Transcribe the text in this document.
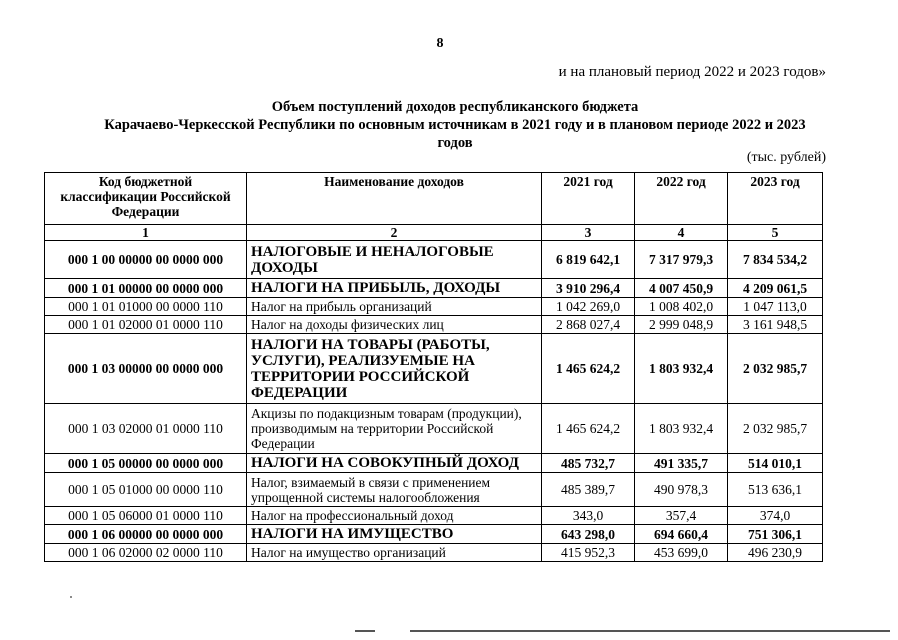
8
и на плановый период 2022 и 2023 годов»
Объем поступлений доходов республиканского бюджета
Карачаево-Черкесской Республики по основным источникам в 2021 году и в плановом периоде 2022 и 2023
годов
(тыс. рублей)
Код бюджетной классификации Российской Федерации	Наименование доходов	2021 год	2022 год	2023 год
1	2	3	4	5
000 1 00 00000 00 0000 000	НАЛОГОВЫЕ И НЕНАЛОГОВЫЕ ДОХОДЫ	6 819 642,1	7 317 979,3	7 834 534,2
000 1 01 00000 00 0000 000	НАЛОГИ НА ПРИБЫЛЬ, ДОХОДЫ	3 910 296,4	4 007 450,9	4 209 061,5
000 1 01 01000 00 0000 110	Налог на прибыль организаций	1 042 269,0	1 008 402,0	1 047 113,0
000 1 01 02000 01 0000 110	Налог на доходы физических лиц	2 868 027,4	2 999 048,9	3 161 948,5
000 1 03 00000 00 0000 000	НАЛОГИ НА ТОВАРЫ (РАБОТЫ, УСЛУГИ), РЕАЛИЗУЕМЫЕ НА ТЕРРИТОРИИ РОССИЙСКОЙ ФЕДЕРАЦИИ	1 465 624,2	1 803 932,4	2 032 985,7
000 1 03 02000 01 0000 110	Акцизы по подакцизным товарам (продукции), производимым на территории Российской Федерации	1 465 624,2	1 803 932,4	2 032 985,7
000 1 05 00000 00 0000 000	НАЛОГИ НА СОВОКУПНЫЙ ДОХОД	485 732,7	491 335,7	514 010,1
000 1 05 01000 00 0000 110	Налог, взимаемый в связи с применением упрощенной системы налогообложения	485 389,7	490 978,3	513 636,1
000 1 05 06000 01 0000 110	Налог на профессиональный доход	343,0	357,4	374,0
000 1 06 00000 00 0000 000	НАЛОГИ НА ИМУЩЕСТВО	643 298,0	694 660,4	751 306,1
000 1 06 02000 02 0000 110	Налог на имущество организаций	415 952,3	453 699,0	496 230,9
